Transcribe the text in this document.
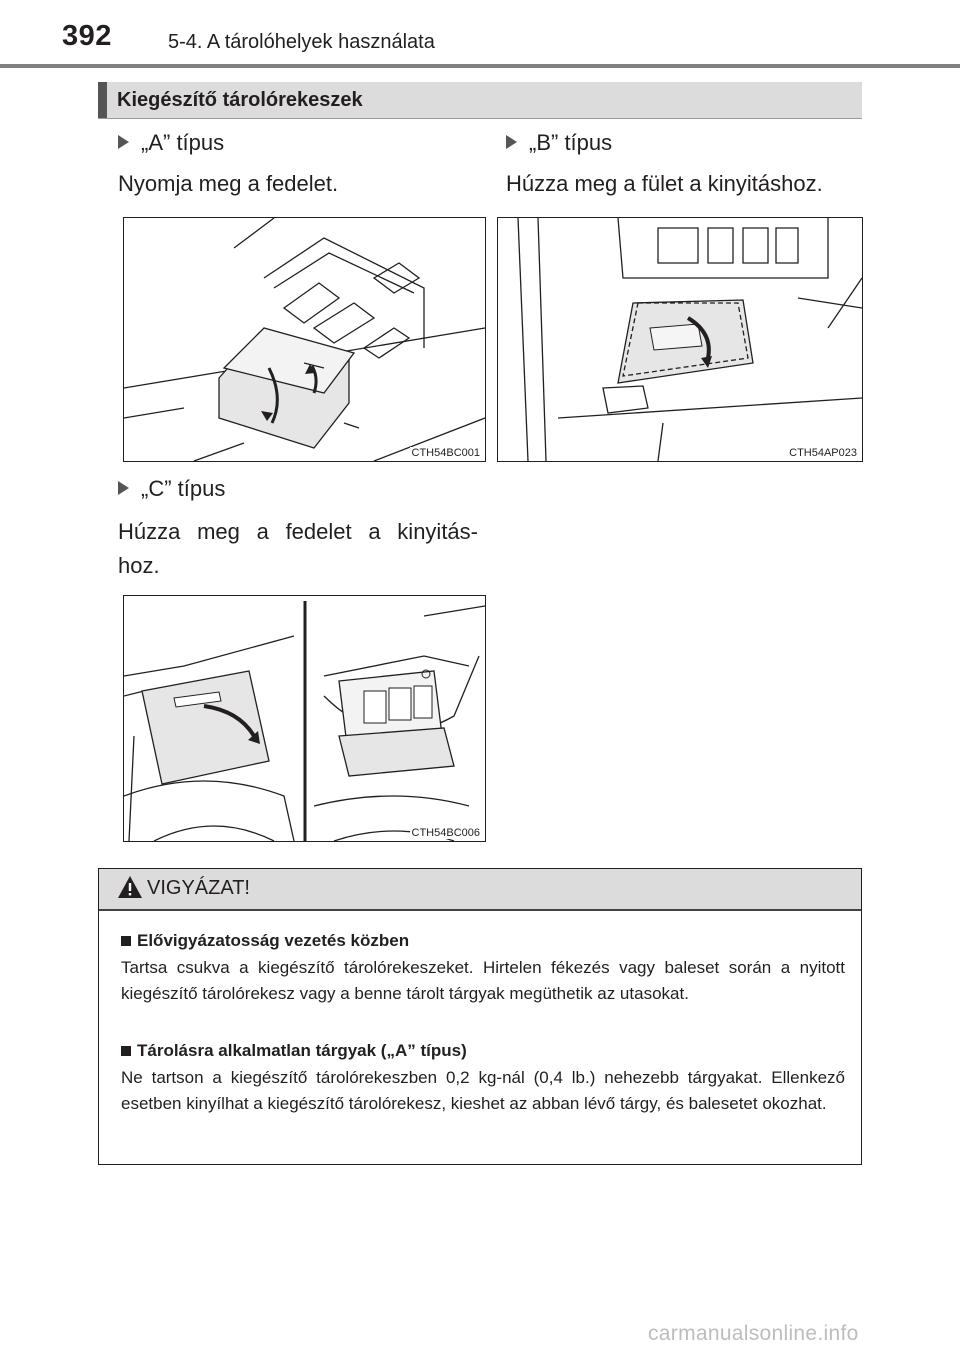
392	5-4. A tárolóhelyek használata
Kiegészítő tárolórekeszek
„A” típus
Nyomja meg a fedelet.
CTH54BC001
„B” típus
Húzza meg a fület a kinyitáshoz.
CTH54AP023
„C” típus
Húzza meg a fedelet a kinyitás-
hoz.
CTH54BC006
VIGYÁZAT!
Elővigyázatosság vezetés közben
Tartsa csukva a kiegészítő tárolórekeszeket. Hirtelen fékezés vagy baleset során a nyitott kiegészítő tárolórekesz vagy a benne tárolt tárgyak megüthetik az utasokat.
Tárolásra alkalmatlan tárgyak („A” típus)
Ne tartson a kiegészítő tárolórekeszben 0,2 kg-nál (0,4 lb.) nehezebb tárgyakat. Ellenkező esetben kinyílhat a kiegészítő tárolórekesz, kieshet az abban lévő tárgy, és balesetet okozhat.
carmanualsonline.info
